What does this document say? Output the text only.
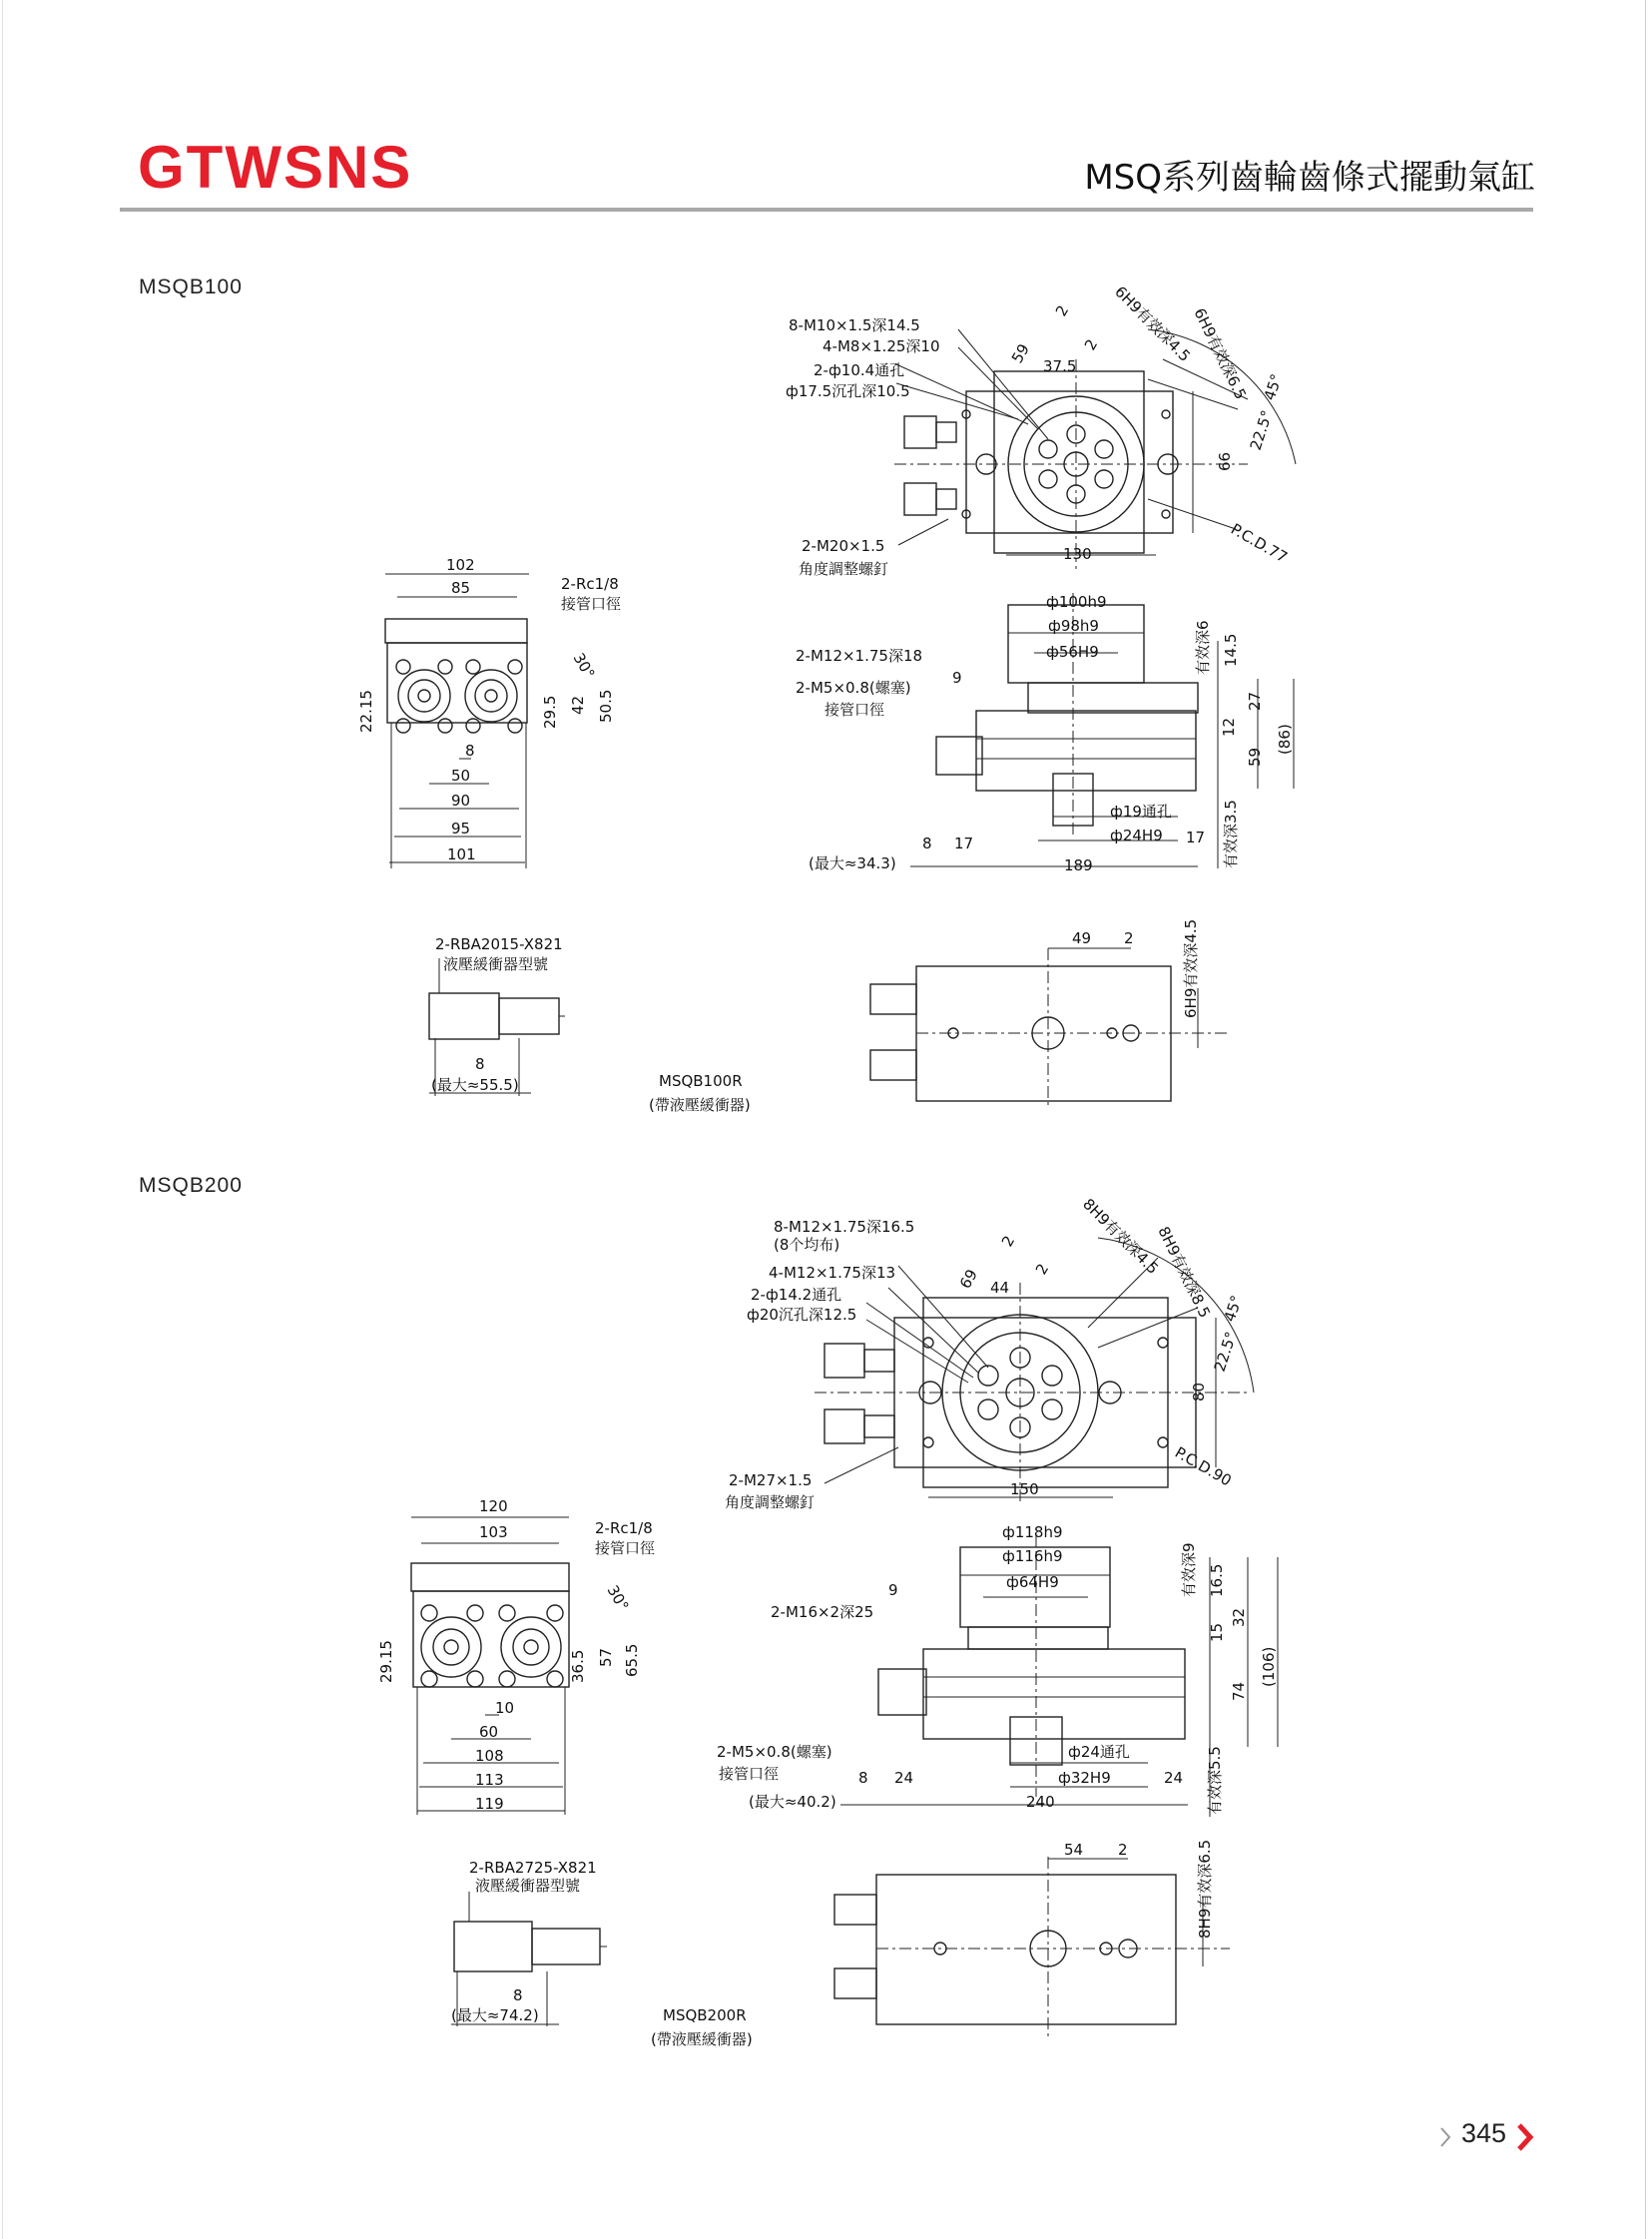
GTWSNS	MSQ系列齒輪齒條式擺動氣缸
MSQB100
MSQB200
8-M10×1.5深14.5
4-M8×1.25深10
2-ф10.4通孔
ф17.5沉孔深10.5
2-M20×1.5
角度調整螺釘
59
2
37.5
2
66
130	P.C.D.77
45°
22.5°
6H9有效深4.5
6H9有效深6.5
102
85	2-Rc1/8
接管口徑
30°
22.15	29.5 42 50.5
8
50
90
95
101
ф100h9
ф98h9
ф56H9
2-M12×1.75深18
9
2-M5×0.8(螺塞)
接管口徑
ф19通孔
ф24H9
8 17	17
189
(最大≈34.3)
14.5
27
12
59
(86)
有效深6
有效深3.5
2-RBA2015-X821
液壓緩衝器型號
8
(最大≈55.5)	MSQB100R
(帶液壓緩衝器)
49 2	6H9有效深4.5
8-M12×1.75深16.5
(8个均布)
4-M12×1.75深13
2-ф14.2通孔
ф20沉孔深12.5
2-M27×1.5
角度調整螺釘
69
2
44
2
80
150	P.C.D.90
45°
22.5°
8H9有效深4.5
8H9有效深8.5
120
103	2-Rc1/8
接管口徑
30°
29.15	36.5 57 65.5
10
60
108
113
119
ф118h9
ф116h9
ф64H9
2-M16×2深25
9
2-M5×0.8(螺塞)
接管口徑
ф24通孔
ф32H9
8 24	24
240
(最大≈40.2)
16.5
32
15
74
(106)
有效深9
有效深5.5
2-RBA2725-X821
液壓緩衝器型號
8
(最大≈74.2)	MSQB200R
(帶液壓緩衝器)
54 2	8H9有效深6.5
345
